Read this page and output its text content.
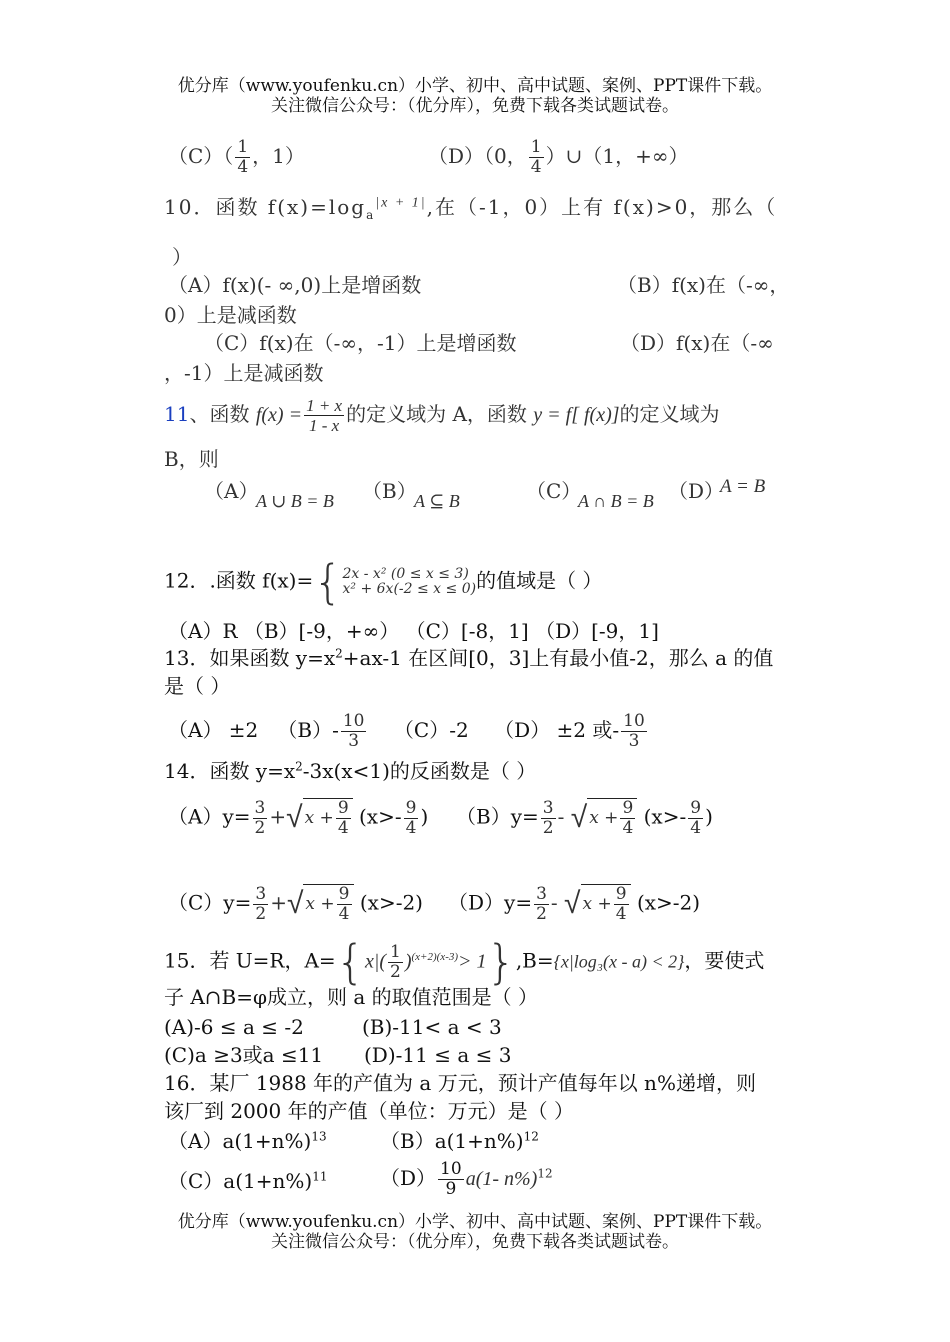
优分库（www.youfenku.cn）小学、初中、高中试题、案例、PPT课件下载。
关注微信公众号：（优分库），免费下载各类试题试卷。
$(C)( \frac{1}{4}$ ，1）	（D）（0， $\frac{1}{4}$ ）∪（1，+∞）
10．函数 $f(x)=\log_a^{|x + 1|}$,在（-1，0）上有 f(x)>0，那么（
）
（A）f(x)(- ∞,0)上是增函数	（B）f(x)在（-∞，
0）上是减函数
（C）f(x)在（-∞，-1）上是增函数	（D）f(x)在（-∞
，-1）上是减函数
11、函数 $f(x) = \frac{1 + x}{1 - x}$ 的定义域为 A，函数 y = f[ f(x)]的定义域为
B，则
（A）
A ∪ B = B （B）
A ⊆ B	（C）
A ∩ B = B （D）
A = B
12．.函数 f(x)={ 2x - x² (0 ≤ x ≤ 3)
x² + 6x(-2 ≤ x ≤ 0) 的值域是（ ）
（A）R （B）[-9，+∞） （C）[-8，1] （D）[-9，1]
13．如果函数 $y=x^2+ax-1$ 在区间[0，3]上有最小值-2，那么 a 的值
是（ ）
（A） ±2 $(B)- \frac{10}{3} (C)-2$ （D） ±2 或- $\frac{10}{3}$
14．函数 $y=x^2-3x(x<1)$的反函数是（ ）
$(A)y= \frac{3}{2}$ +√ $x + \frac{9}{4} (x>- \frac{9}{4}$ ) $(B)y= \frac{3}{2}$ - √ $x + \frac{9}{4} (x>- \frac{9}{4}$ )
$(C)y= \frac{3}{2}$ +√ $x + \frac{9}{4} (x>-2)$ $(D)y= \frac{3}{2}$ - √ $x + \frac{9}{4} (x>-2)$
15．若 U=R，$A=\{x|( \frac{1}{2} )^{(x+2)(x-3)}> 1\},B=\{x|\log_3(x - a) < 2\}$，要使式
子 A∩B=φ成立，则 a 的取值范围是（ ）
(A)-6 ≤ a ≤ -2	(B)-11< a < 3
(C)a ≥3或a ≤11 (D)-11 ≤ a ≤ 3
16．某厂 1988 年的产值为 a 万元，预计产值每年以 n%递增，则
该厂到 2000 年的产值（单位：万元）是（ ）
$(A)a(1+n\%)^{13}$	$(B)a(1+n\%)^{12}$
$(C)a(1+n\%)^{11}$	$(D) \frac{10}{9} a(1-$ n%)$^{12}$
优分库（www.youfenku.cn）小学、初中、高中试题、案例、PPT课件下载。
关注微信公众号：（优分库），免费下载各类试题试卷。
